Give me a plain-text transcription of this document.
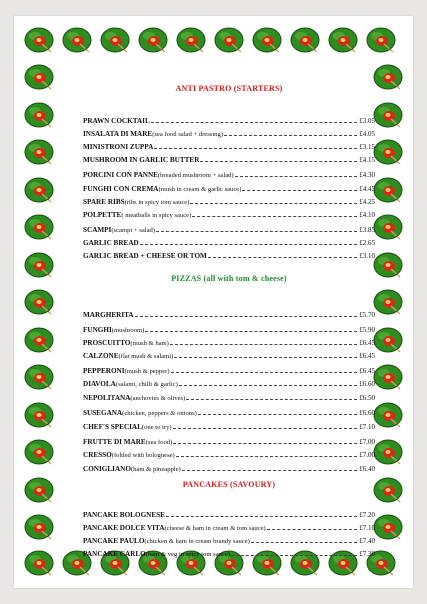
ANTI PASTRO (STARTERS)
PRAWN COCKTAIL	£3.05
INSALATA DI MARE(sea food salad + dressing)	£4.05
MINISTRONI ZUPPA	£3.15
MUSHROOM IN GARLIC BUTTER	£4.15
PORCINI CON PANNE(breaded mushroom + salad)	£4.30
FUNGHI CON CREMA(mush in cream & garlic sauce)	£4.45
SPARE RIBS(ribs in spicy tom sauce)	£4.25
POLPETTE( meatballs in spicy sauce)	£4.10
SCAMPI(scampi + salad)	£3.85
GARLIC BREAD	£2.65
GARLIC BREAD + CHEESE OR TOM	£3.10
PIZZAS (all with tom & cheese)
MARGHERITA	£5.70
FUNGHI(mushroom)	£5.90
PROSCUITTO(mush & ham)	£6.45
CALZONE(flat mush & salami)	£6.45
PEPPERONI(mush & pepper)	£6.45
DIAVOLA(salami, chilli & garlic)	£6.60
NEPOLITANA(anchovies & olives)	£6.50
SUSEGANA(chicken, peppers & onions)	£6.60
CHEF'S SPECIAL(one to try)	£7.10
FRUTTE DI MARE(sea food)	£7.00
CRESSO(folded with bolognese)	£7.00
CONIGLIANO(ham & pineapple)	£6.40
PANCAKES (SAVOURY)
PANCAKE BOLOGNESE	£7.20
PANCAKE DOLCE VITA(cheese & ham in cream & tom sauce)	£7.10
PANCAKE PAULO(chicken & ham in cream brandy sauce)	£7.40
PANCAKE CARLO(ham & veg in spicy tom sauce)	£7.30
